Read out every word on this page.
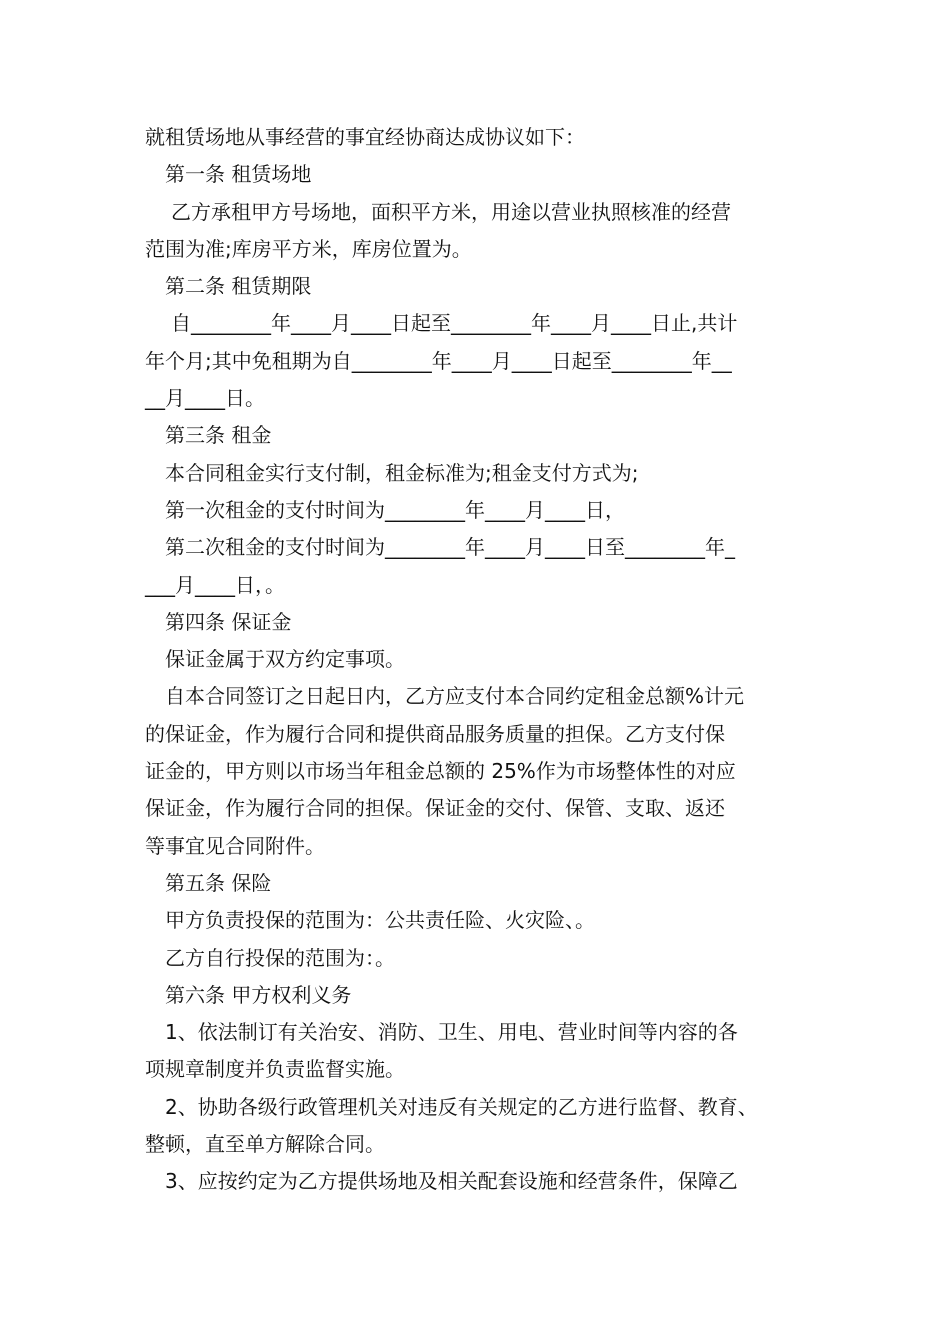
就租赁场地从事经营的事宜经协商达成协议如下：
第一条 租赁场地
乙方承租甲方号场地，面积平方米，用途以营业执照核准的经营
范围为准;库房平方米，库房位置为。
第二条 租赁期限
自________年____月____日起至________年____月____日止,共计
年个月;其中免租期为自________年____月____日起至________年__
__月____日。
第三条 租金
本合同租金实行支付制，租金标准为;租金支付方式为;
第一次租金的支付时间为________年____月____日，
第二次租金的支付时间为________年____月____日至________年_
___月____日，。
第四条 保证金
保证金属于双方约定事项。
自本合同签订之日起日内，乙方应支付本合同约定租金总额%计元
的保证金，作为履行合同和提供商品服务质量的担保。乙方支付保
证金的，甲方则以市场当年租金总额的 25%作为市场整体性的对应
保证金，作为履行合同的担保。保证金的交付、保管、支取、返还
等事宜见合同附件。
第五条 保险
甲方负责投保的范围为：公共责任险、火灾险、。
乙方自行投保的范围为：。
第六条 甲方权利义务
1、依法制订有关治安、消防、卫生、用电、营业时间等内容的各
项规章制度并负责监督实施。
2、协助各级行政管理机关对违反有关规定的乙方进行监督、教育、
整顿，直至单方解除合同。
3、应按约定为乙方提供场地及相关配套设施和经营条件，保障乙
